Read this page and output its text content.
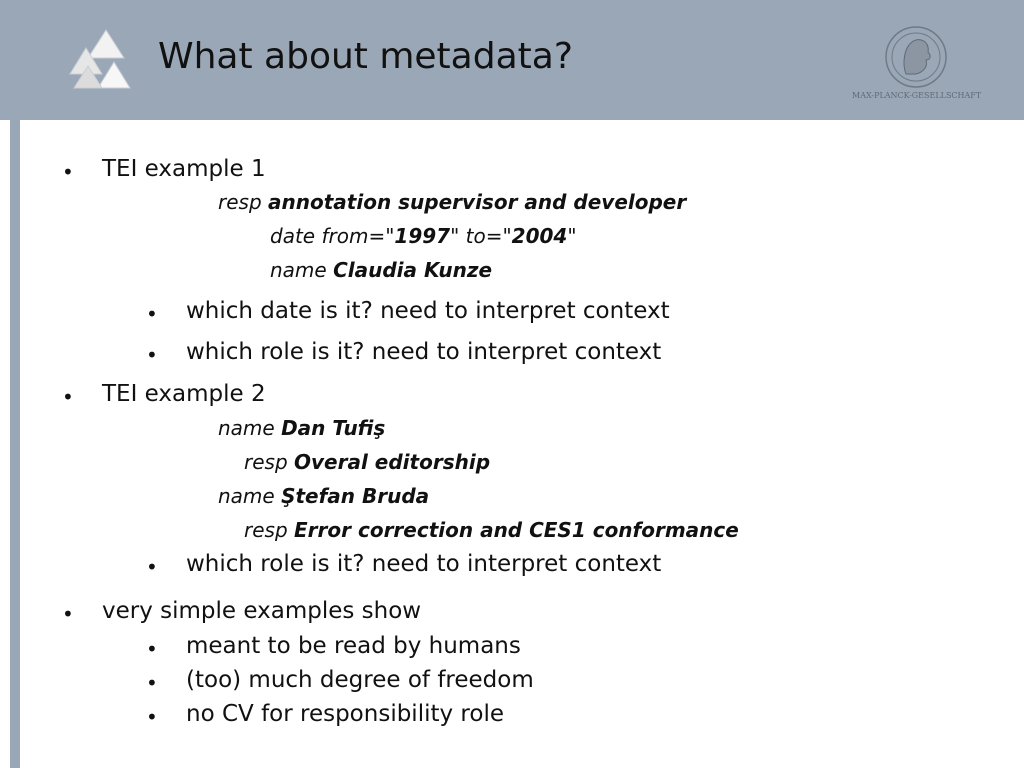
What about metadata?
MAX-PLANCK-GESELLSCHAFT
• TEI example 1
resp annotation supervisor and developer
date from="1997" to="2004"
name Claudia Kunze
• which date is it? need to interpret context
• which role is it? need to interpret context
• TEI example 2
name Dan Tufiş
resp Overal editorship
name Ştefan Bruda
resp Error correction and CES1 conformance
• which role is it? need to interpret context
• very simple examples show
• meant to be read by humans
• (too) much degree of freedom
• no CV for responsibility role
